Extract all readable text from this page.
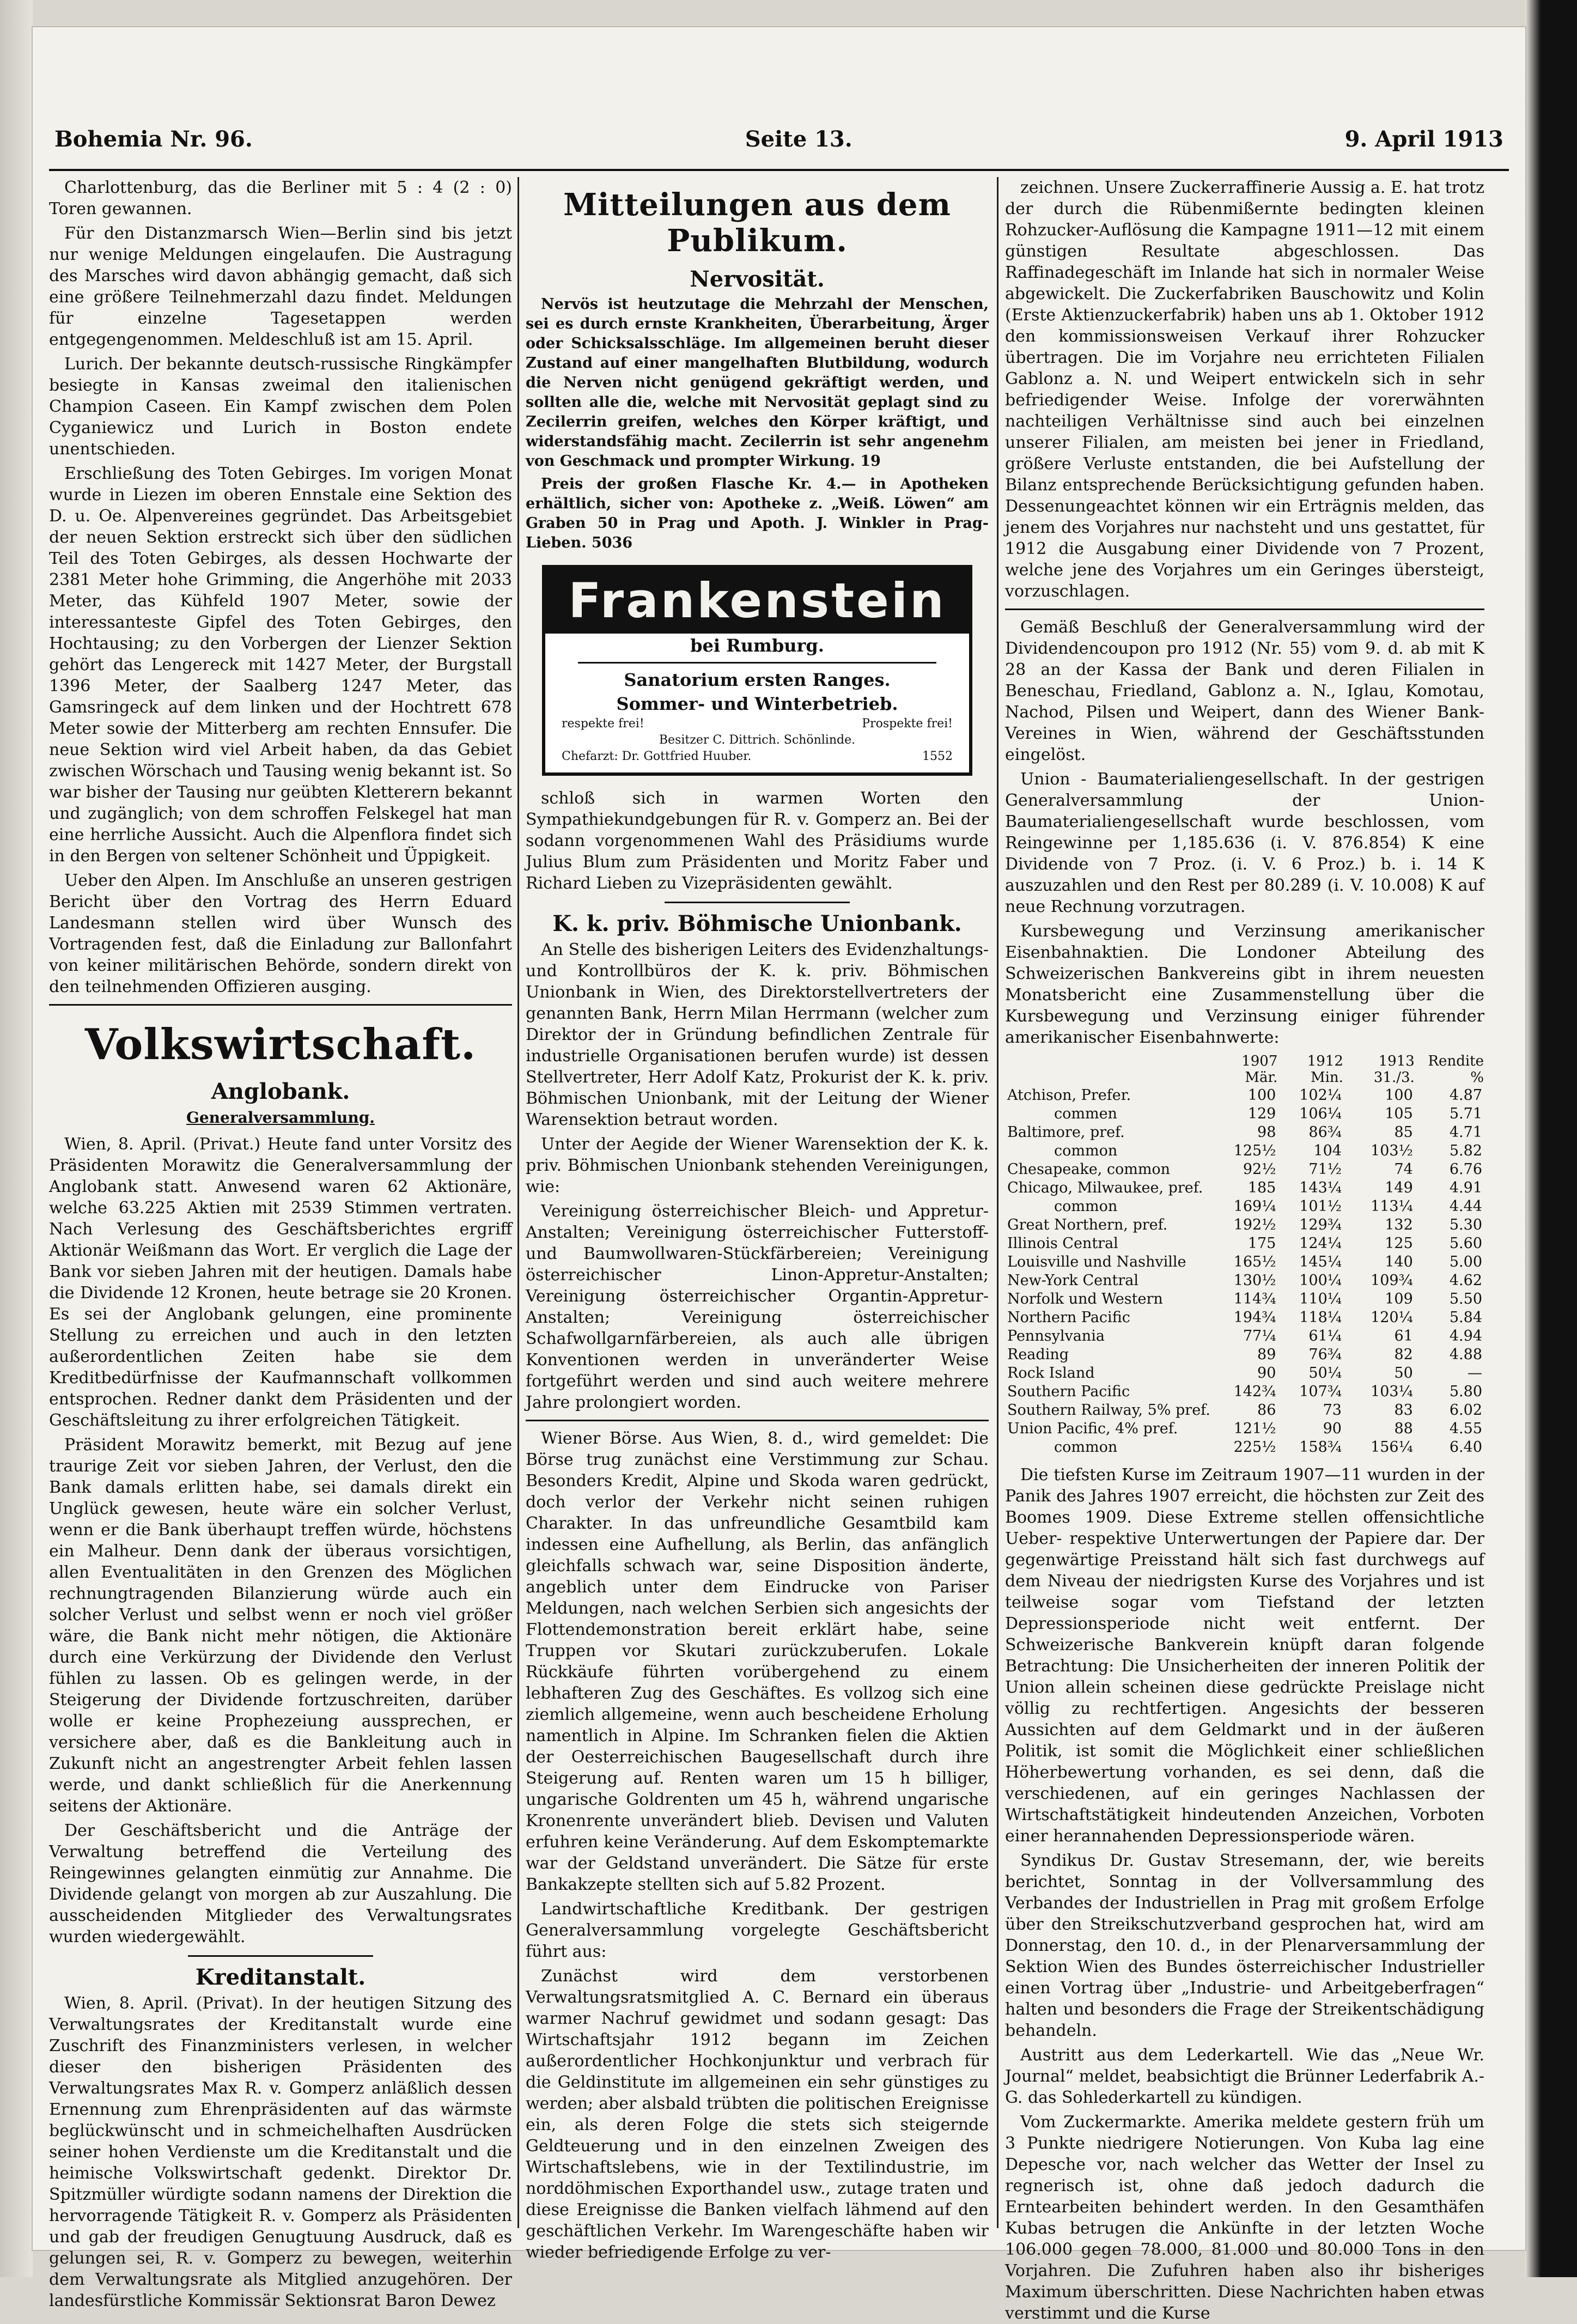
Bohemia Nr. 96.	Seite 13.	9. April 1913

Charlottenburg, das die Berliner mit 5 : 4 (2 : 0) Toren gewannen.

Für den Distanzmarsch Wien—Berlin sind bis jetzt nur wenige Meldungen eingelaufen. Die Austragung des Marsches wird davon abhängig gemacht, daß sich eine größere Teilnehmerzahl dazu findet. Meldungen für einzelne Tagesetappen werden entgegengenommen. Meldeschluß ist am 15. April.

Lurich. Der bekannte deutsch-russische Ringkämpfer besiegte in Kansas zweimal den italienischen Champion Caseen. Ein Kampf zwischen dem Polen Cyganiewicz und Lurich in Boston endete unentschieden.

Erschließung des Toten Gebirges. Im vorigen Monat wurde in Liezen im oberen Ennstale eine Sektion des D. u. Oe. Alpenvereines gegründet. Das Arbeitsgebiet der neuen Sektion erstreckt sich über den südlichen Teil des Toten Gebirges, als dessen Hochwarte der 2381 Meter hohe Grimming, die Angerhöhe mit 2033 Meter, das Kühfeld 1907 Meter, sowie der interessanteste Gipfel des Toten Gebirges, den Hochtausing; zu den Vorbergen der Lienzer Sektion gehört das Lengereck mit 1427 Meter, der Burgstall 1396 Meter, der Saalberg 1247 Meter, das Gamsringeck auf dem linken und der Hochtrett 678 Meter sowie der Mitterberg am rechten Ennsufer. Die neue Sektion wird viel Arbeit haben, da das Gebiet zwischen Wörschach und Tausing wenig bekannt ist. So war bisher der Tausing nur geübten Kletterern bekannt und zugänglich; von dem schroffen Felskegel hat man eine herrliche Aussicht. Auch die Alpenflora findet sich in den Bergen von seltener Schönheit und Üppigkeit.

Ueber den Alpen. Im Anschluße an unseren gestrigen Bericht über den Vortrag des Herrn Eduard Landesmann stellen wird über Wunsch des Vortragenden fest, daß die Einladung zur Ballonfahrt von keiner militärischen Behörde, sondern direkt von den teilnehmenden Offizieren ausging.

Volkswirtschaft.
Anglobank.
Generalversammlung.

Wien, 8. April. (Privat.) Heute fand unter Vorsitz des Präsidenten Morawitz die Generalversammlung der Anglobank statt. Anwesend waren 62 Aktionäre, welche 63.225 Aktien mit 2539 Stimmen vertraten. Nach Verlesung des Geschäftsberichtes ergriff Aktionär Weißmann das Wort. Er verglich die Lage der Bank vor sieben Jahren mit der heutigen. Damals habe die Dividende 12 Kronen, heute betrage sie 20 Kronen. Es sei der Anglobank gelungen, eine prominente Stellung zu erreichen und auch in den letzten außerordentlichen Zeiten habe sie dem Kreditbedürfnisse der Kaufmannschaft vollkommen entsprochen. Redner dankt dem Präsidenten und der Geschäftsleitung zu ihrer erfolgreichen Tätigkeit.

Präsident Morawitz bemerkt, mit Bezug auf jene traurige Zeit vor sieben Jahren, der Verlust, den die Bank damals erlitten habe, sei damals direkt ein Unglück gewesen, heute wäre ein solcher Verlust, wenn er die Bank überhaupt treffen würde, höchstens ein Malheur. Denn dank der überaus vorsichtigen, allen Eventualitäten in den Grenzen des Möglichen rechnungtragenden Bilanzierung würde auch ein solcher Verlust und selbst wenn er noch viel größer wäre, die Bank nicht mehr nötigen, die Aktionäre durch eine Verkürzung der Dividende den Verlust fühlen zu lassen. Ob es gelingen werde, in der Steigerung der Dividende fortzuschreiten, darüber wolle er keine Prophezeiung aussprechen, er versichere aber, daß es die Bankleitung auch in Zukunft nicht an angestrengter Arbeit fehlen lassen werde, und dankt schließlich für die Anerkennung seitens der Aktionäre.

Der Geschäftsbericht und die Anträge der Verwaltung betreffend die Verteilung des Reingewinnes gelangten einmütig zur Annahme. Die Dividende gelangt von morgen ab zur Auszahlung. Die ausscheidenden Mitglieder des Verwaltungsrates wurden wiedergewählt.

Kreditanstalt.

Wien, 8. April. (Privat). In der heutigen Sitzung des Verwaltungsrates der Kreditanstalt wurde eine Zuschrift des Finanzministers verlesen, in welcher dieser den bisherigen Präsidenten des Verwaltungsrates Max R. v. Gomperz anläßlich dessen Ernennung zum Ehrenpräsidenten auf das wärmste beglückwünscht und in schmeichelhaften Ausdrücken seiner hohen Verdienste um die Kreditanstalt und die heimische Volkswirtschaft gedenkt. Direktor Dr. Spitzmüller würdigte sodann namens der Direktion die hervorragende Tätigkeit R. v. Gomperz als Präsidenten und gab der freudigen Genugtuung Ausdruck, daß es gelungen sei, R. v. Gomperz zu bewegen, weiterhin dem Verwaltungsrate als Mitglied anzugehören. Der landesfürstliche Kommissär Sektionsrat Baron Dewez

Mitteilungen aus dem Publikum.
Nervosität.

Nervös ist heutzutage die Mehrzahl der Menschen, sei es durch ernste Krankheiten, Überarbeitung, Ärger oder Schicksalsschläge. Im allgemeinen beruht dieser Zustand auf einer mangelhaften Blutbildung, wodurch die Nerven nicht genügend gekräftigt werden, und sollten alle die, welche mit Nervosität geplagt sind zu Zecilerrin greifen, welches den Körper kräftigt, und widerstandsfähig macht. Zecilerrin ist sehr angenehm von Geschmack und prompter Wirkung. 19

Preis der großen Flasche Kr. 4.— in Apotheken erhältlich, sicher von: Apotheke z. „Weiß. Löwen“ am Graben 50 in Prag und Apoth. J. Winkler in Prag-Lieben. 5036

Frankenstein
bei Rumburg.
Sanatorium ersten Ranges.
Sommer- und Winterbetrieb.
respekte frei!	Prospekte frei!
Besitzer C. Dittrich. Schönlinde.
Chefarzt: Dr. Gottfried Huuber.	1552

schloß sich in warmen Worten den Sympathiekundgebungen für R. v. Gomperz an. Bei der sodann vorgenommenen Wahl des Präsidiums wurde Julius Blum zum Präsidenten und Moritz Faber und Richard Lieben zu Vizepräsidenten gewählt.

K. k. priv. Böhmische Unionbank.

An Stelle des bisherigen Leiters des Evidenzhaltungs- und Kontrollbüros der K. k. priv. Böhmischen Unionbank in Wien, des Direktorstellvertreters der genannten Bank, Herrn Milan Herrmann (welcher zum Direktor der in Gründung befindlichen Zentrale für industrielle Organisationen berufen wurde) ist dessen Stellvertreter, Herr Adolf Katz, Prokurist der K. k. priv. Böhmischen Unionbank, mit der Leitung der Wiener Warensektion betraut worden.

Unter der Aegide der Wiener Warensektion der K. k. priv. Böhmischen Unionbank stehenden Vereinigungen, wie:

Vereinigung österreichischer Bleich- und Appretur-Anstalten; Vereinigung österreichischer Futterstoff- und Baumwollwaren-Stückfärbereien; Vereinigung österreichischer Linon-Appretur-Anstalten; Vereinigung österreichischer Organtin-Appretur-Anstalten; Vereinigung österreichischer Schafwollgarnfärbereien, als auch alle übrigen Konventionen werden in unveränderter Weise fortgeführt werden und sind auch weitere mehrere Jahre prolongiert worden.

Wiener Börse. Aus Wien, 8. d., wird gemeldet: Die Börse trug zunächst eine Verstimmung zur Schau. Besonders Kredit, Alpine und Skoda waren gedrückt, doch verlor der Verkehr nicht seinen ruhigen Charakter. In das unfreundliche Gesamtbild kam indessen eine Aufhellung, als Berlin, das anfänglich gleichfalls schwach war, seine Disposition änderte, angeblich unter dem Eindrucke von Pariser Meldungen, nach welchen Serbien sich angesichts der Flottendemonstration bereit erklärt habe, seine Truppen vor Skutari zurückzuberufen. Lokale Rückkäufe führten vorübergehend zu einem lebhafteren Zug des Geschäftes. Es vollzog sich eine ziemlich allgemeine, wenn auch bescheidene Erholung namentlich in Alpine. Im Schranken fielen die Aktien der Oesterreichischen Baugesellschaft durch ihre Steigerung auf. Renten waren um 15 h billiger, ungarische Goldrenten um 45 h, während ungarische Kronenrente unverändert blieb. Devisen und Valuten erfuhren keine Veränderung. Auf dem Eskomptemarkte war der Geldstand unverändert. Die Sätze für erste Bankakzepte stellten sich auf 5.82 Prozent.

Landwirtschaftliche Kreditbank. Der gestrigen Generalversammlung vorgelegte Geschäftsbericht führt aus:

Zunächst wird dem verstorbenen Verwaltungsratsmitglied A. C. Bernard ein überaus warmer Nachruf gewidmet und sodann gesagt: Das Wirtschaftsjahr 1912 begann im Zeichen außerordentlicher Hochkonjunktur und verbrach für die Geldinstitute im allgemeinen ein sehr günstiges zu werden; aber alsbald trübten die politischen Ereignisse ein, als deren Folge die stets sich steigernde Geldteuerung und in den einzelnen Zweigen des Wirtschaftslebens, wie in der Textilindustrie, im norddöhmischen Exporthandel usw., zutage traten und diese Ereignisse die Banken vielfach lähmend auf den geschäftlichen Verkehr. Im Warengeschäfte haben wir wieder befriedigende Erfolge zu ver-

zeichnen. Unsere Zuckerraffinerie Aussig a. E. hat trotz der durch die Rübenmißernte bedingten kleinen Rohzucker-Auflösung die Kampagne 1911—12 mit einem günstigen Resultate abgeschlossen. Das Raffinadegeschäft im Inlande hat sich in normaler Weise abgewickelt. Die Zuckerfabriken Bauschowitz und Kolin (Erste Aktienzuckerfabrik) haben uns ab 1. Oktober 1912 den kommissionsweisen Verkauf ihrer Rohzucker übertragen. Die im Vorjahre neu errichteten Filialen Gablonz a. N. und Weipert entwickeln sich in sehr befriedigender Weise. Infolge der vorerwähnten nachteiligen Verhältnisse sind auch bei einzelnen unserer Filialen, am meisten bei jener in Friedland, größere Verluste entstanden, die bei Aufstellung der Bilanz entsprechende Berücksichtigung gefunden haben. Dessenungeachtet können wir ein Erträgnis melden, das jenem des Vorjahres nur nachsteht und uns gestattet, für 1912 die Ausgabung einer Dividende von 7 Prozent, welche jene des Vorjahres um ein Geringes übersteigt, vorzuschlagen.

Gemäß Beschluß der Generalversammlung wird der Dividendencoupon pro 1912 (Nr. 55) vom 9. d. ab mit K 28 an der Kassa der Bank und deren Filialen in Beneschau, Friedland, Gablonz a. N., Iglau, Komotau, Nachod, Pilsen und Weipert, dann des Wiener Bank-Vereines in Wien, während der Geschäftsstunden eingelöst.

Union - Baumaterialiengesellschaft. In der gestrigen Generalversammlung der Union-Baumaterialiengesellschaft wurde beschlossen, vom Reingewinne per 1,185.636 (i. V. 876.854) K eine Dividende von 7 Proz. (i. V. 6 Proz.) b. i. 14 K auszuzahlen und den Rest per 80.289 (i. V. 10.008) K auf neue Rechnung vorzutragen.

Kursbewegung und Verzinsung amerikanischer Eisenbahnaktien. Die Londoner Abteilung des Schweizerischen Bankvereins gibt in ihrem neuesten Monatsbericht eine Zusammenstellung über die Kursbewegung und Verzinsung einiger führender amerikanischer Eisenbahnwerte:

	1907 Mär.	1912 Min.	1913 31./3.	Rendite %
Atchison, Prefer.	100	102¼	100	4.87
commen	129	106¼	105	5.71
Baltimore, pref.	98	86¾	85	4.71
common	125½	104	103½	5.82
Chesapeake, common	92½	71½	74	6.76
Chicago, Milwaukee, pref.	185	143¼	149	4.91
common	169¼	101½	113¼	4.44
Great Northern, pref.	192½	129¾	132	5.30
Illinois Central	175	124¼	125	5.60
Louisville und Nashville	165½	145¼	140	5.00
New-York Central	130½	100¼	109¾	4.62
Norfolk und Western	114¾	110¼	109	5.50
Northern Pacific	194¾	118¼	120¼	5.84
Pennsylvania	77¼	61¼	61	4.94
Reading	89	76¾	82	4.88
Rock Island	90	50¼	50	—
Southern Pacific	142¾	107¾	103¼	5.80
Southern Railway, 5% pref.	86	73	83	6.02
Union Pacific, 4% pref.	121½	90	88	4.55
common	225½	158¾	156¼	6.40

Die tiefsten Kurse im Zeitraum 1907—11 wurden in der Panik des Jahres 1907 erreicht, die höchsten zur Zeit des Boomes 1909. Diese Extreme stellen offensichtliche Ueber- respektive Unterwertungen der Papiere dar. Der gegenwärtige Preisstand hält sich fast durchwegs auf dem Niveau der niedrigsten Kurse des Vorjahres und ist teilweise sogar vom Tiefstand der letzten Depressionsperiode nicht weit entfernt. Der Schweizerische Bankverein knüpft daran folgende Betrachtung: Die Unsicherheiten der inneren Politik der Union allein scheinen diese gedrückte Preislage nicht völlig zu rechtfertigen. Angesichts der besseren Aussichten auf dem Geldmarkt und in der äußeren Politik, ist somit die Möglichkeit einer schließlichen Höherbewertung vorhanden, es sei denn, daß die verschiedenen, auf ein geringes Nachlassen der Wirtschaftstätigkeit hindeutenden Anzeichen, Vorboten einer herannahenden Depressionsperiode wären.

Syndikus Dr. Gustav Stresemann, der, wie bereits berichtet, Sonntag in der Vollversammlung des Verbandes der Industriellen in Prag mit großem Erfolge über den Streikschutzverband gesprochen hat, wird am Donnerstag, den 10. d., in der Plenarversammlung der Sektion Wien des Bundes österreichischer Industrieller einen Vortrag über „Industrie- und Arbeitgeberfragen“ halten und besonders die Frage der Streikentschädigung behandeln.

Austritt aus dem Lederkartell. Wie das „Neue Wr. Journal“ meldet, beabsichtigt die Brünner Lederfabrik A.-G. das Sohlederkartell zu kündigen.

Vom Zuckermarkte. Amerika meldete gestern früh um 3 Punkte niedrigere Notierungen. Von Kuba lag eine Depesche vor, nach welcher das Wetter der Insel zu regnerisch ist, ohne daß jedoch dadurch die Erntearbeiten behindert werden. In den Gesamthäfen Kubas betrugen die Ankünfte in der letzten Woche 106.000 gegen 78.000, 81.000 und 80.000 Tons in den Vorjahren. Die Zufuhren haben also ihr bisheriges Maximum überschritten. Diese Nachrichten haben etwas verstimmt und die Kurse
